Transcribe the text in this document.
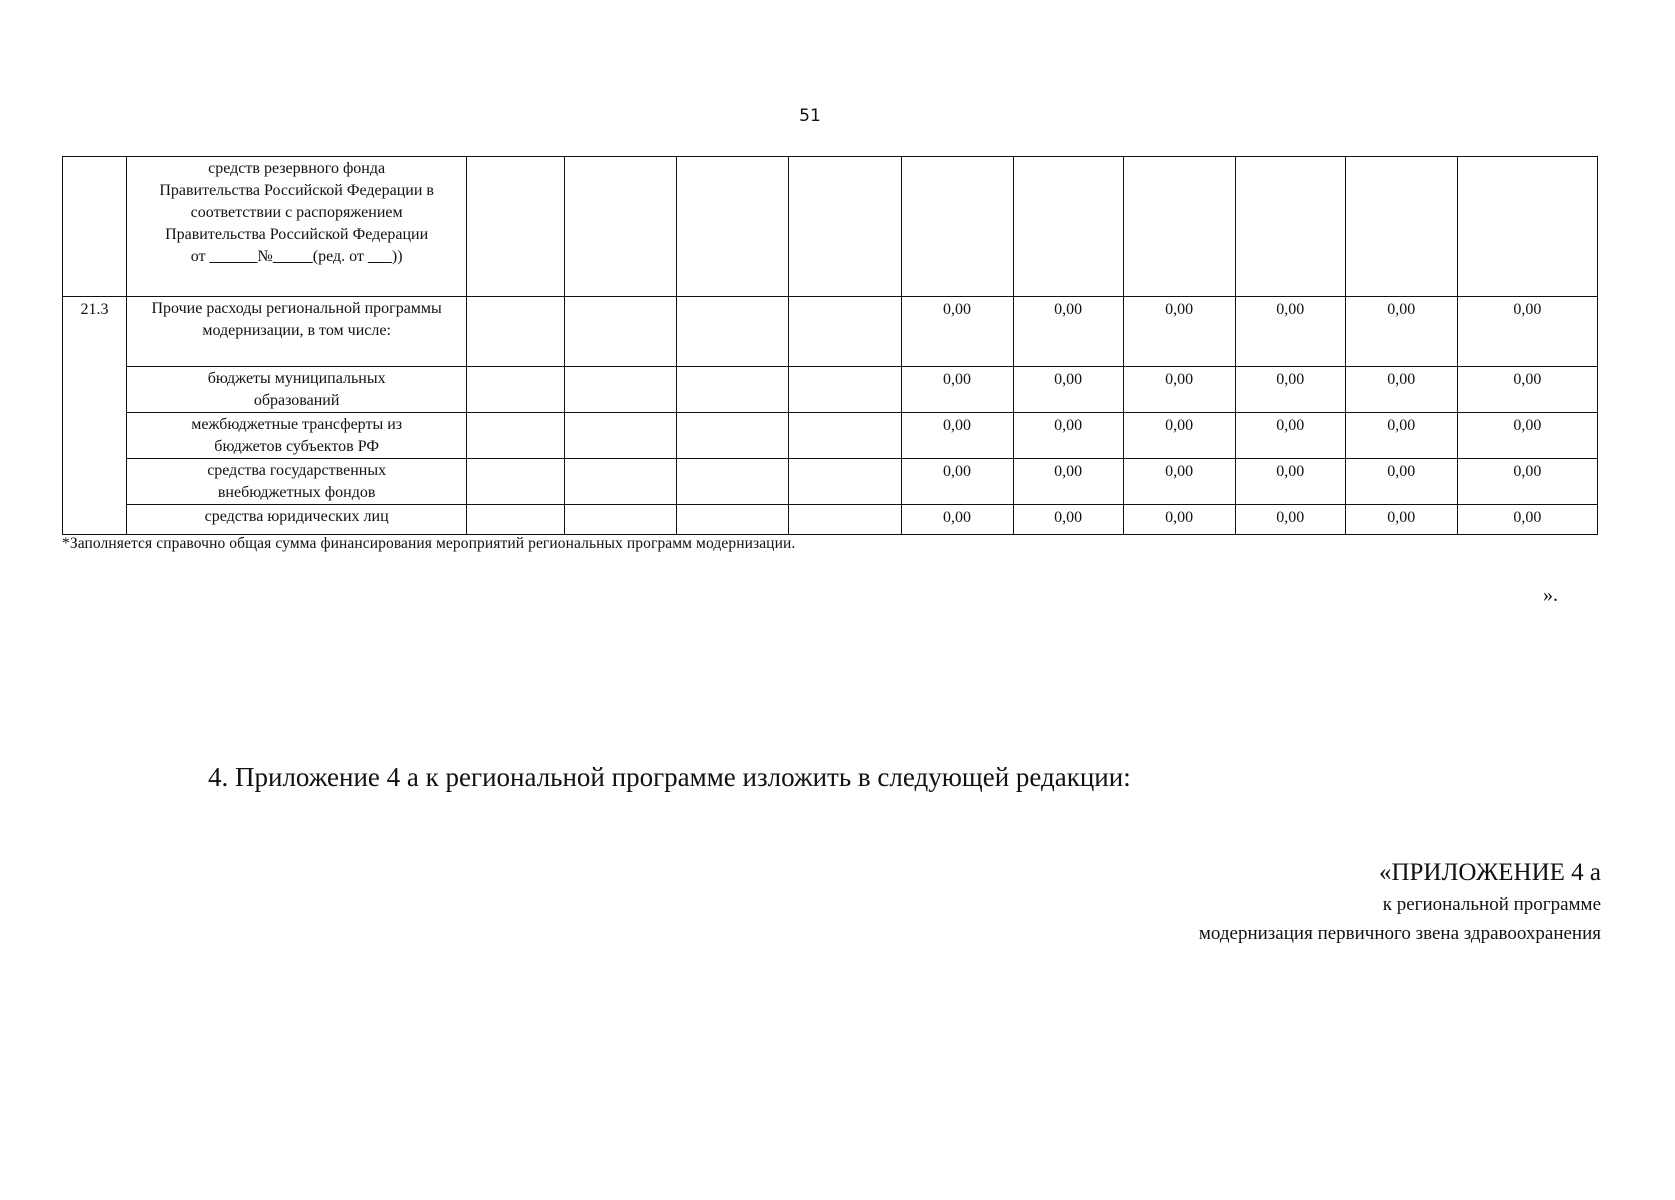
51

	средств резервного фонда Правительства Российской Федерации в соответствии с распоряжением Правительства Российской Федерации от № (ред. от       ))										

21.3	Прочие расходы региональной программы модернизации, в том числе:					0,00	0,00	0,00	0,00	0,00	0,00
	бюджеты муниципальных образований					0,00	0,00	0,00	0,00	0,00	0,00
	межбюджетные трансферты из бюджетов субъектов РФ					0,00	0,00	0,00	0,00	0,00	0,00
	средства государственных внебюджетных фондов					0,00	0,00	0,00	0,00	0,00	0,00
	средства юридических лиц					0,00	0,00	0,00	0,00	0,00	0,00
*Заполняется справочно общая сумма финансирования мероприятий региональных программ модернизации.
».
4. Приложение 4 а к региональной программе изложить в следующей редакции:
«ПРИЛОЖЕНИЕ 4 а
к региональной программе
модернизация первичного звена здравоохранения
